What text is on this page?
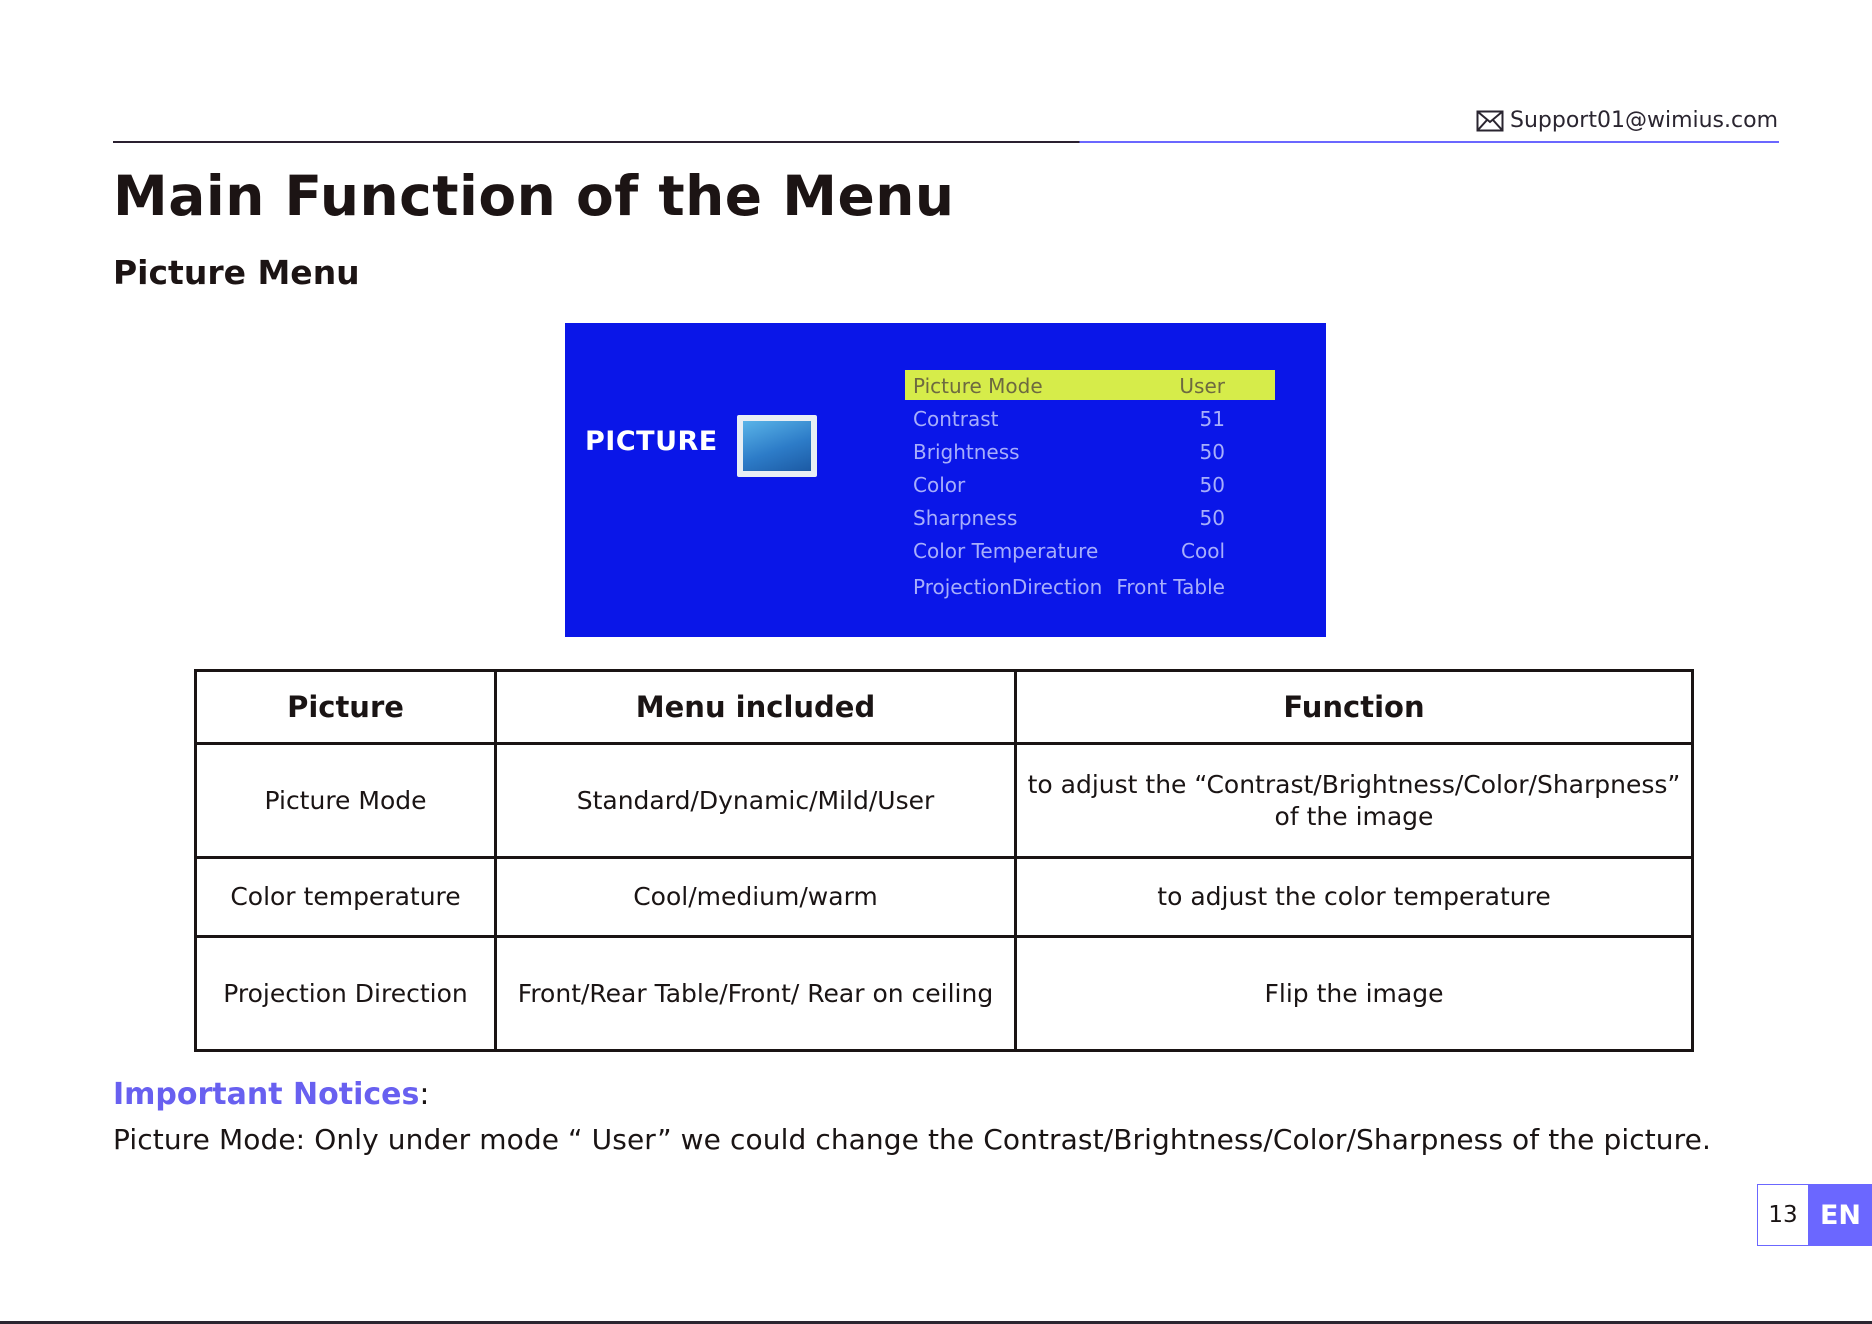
Support01@wimius.com
Main Function of the Menu
Picture Menu
PICTURE
Picture Mode	User
Contrast	51
Brightness	50
Color	50
Sharpness	50
Color Temperature	Cool
ProjectionDirection Front Table
Picture	Menu included	Function
Picture Mode	Standard/Dynamic/Mild/User	to adjust the “Contrast/Brightness/Color/Sharpness” of the image
Color temperature	Cool/medium/warm	to adjust the color temperature
Projection Direction	Front/Rear Table/Front/ Rear on ceiling	Flip the image

Important Notices:

Picture Mode: Only under mode “ User” we could change the Contrast/Brightness/Color/Sharpness of the picture.

13 EN
